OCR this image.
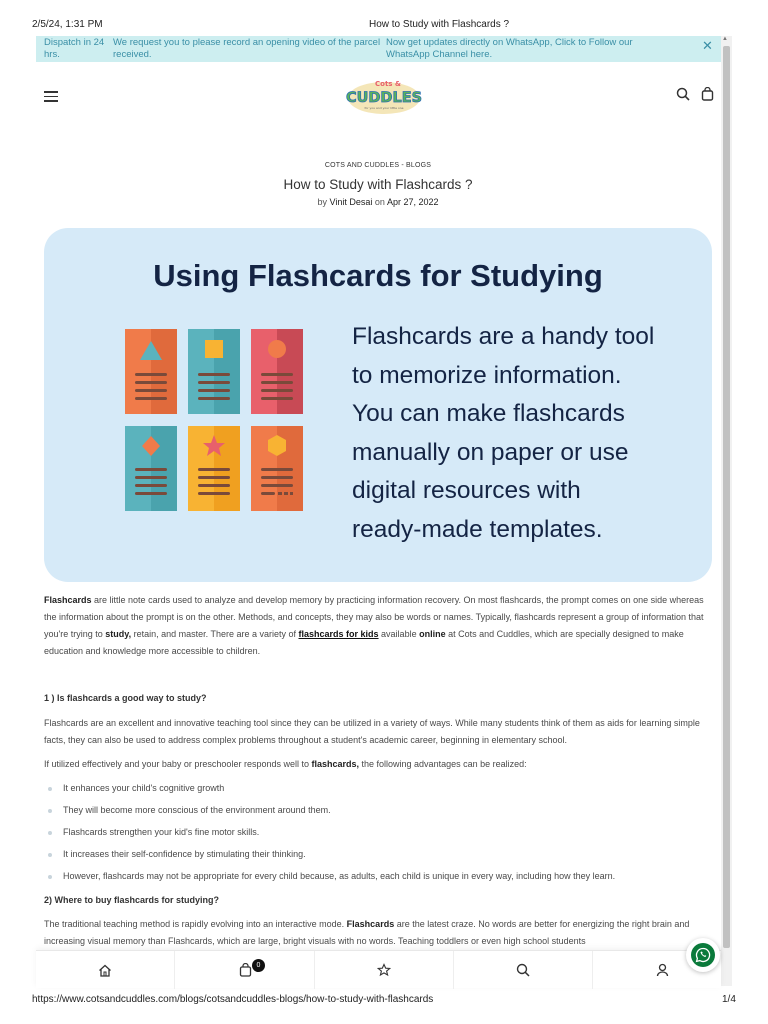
2/5/24, 1:31 PM	How to Study with Flashcards ?
▲
Dispatch in 24 hrs.
We request you to please record an opening video of the parcel received.
Now get updates directly on WhatsApp, Click to Follow our WhatsApp Channel here.
✕
Cots &
CUDDLES
for you and your little one
COTS AND CUDDLES - BLOGS
How to Study with Flashcards ?
by Vinit Desai on Apr 27, 2022
Using Flashcards for Studying
Flashcards are a handy tool
to memorize information.
You can make flashcards
manually on paper or use
digital resources with
ready-made templates.
Flashcards are little note cards used to analyze and develop memory by practicing information recovery. On most flashcards, the prompt comes on one side whereas the information about the prompt is on the other. Methods, and concepts, they may also be words or names. Typically, flashcards represent a group of information that you're trying to study, retain, and master. There are a variety of flashcards for kids available online at Cots and Cuddles, which are specially designed to make education and knowledge more accessible to children.
1 ) Is flashcards a good way to study?
Flashcards are an excellent and innovative teaching tool since they can be utilized in a variety of ways. While many students think of them as aids for learning simple facts, they can also be used to address complex problems throughout a student's academic career, beginning in elementary school.
If utilized effectively and your baby or preschooler responds well to flashcards, the following advantages can be realized:
It enhances your child's cognitive growth
They will become more conscious of the environment around them.
Flashcards strengthen your kid's fine motor skills.
It increases their self-confidence by stimulating their thinking.
However, flashcards may not be appropriate for every child because, as adults, each child is unique in every way, including how they learn.
2) Where to buy flashcards for studying?
The traditional teaching method is rapidly evolving into an interactive mode. Flashcards are the latest craze. No words are better for energizing the right brain and increasing visual memory than Flashcards, which are large, bright visuals with no words. Teaching toddlers or even high school students
0
https://www.cotsandcuddles.com/blogs/cotsandcuddles-blogs/how-to-study-with-flashcards	1/4
